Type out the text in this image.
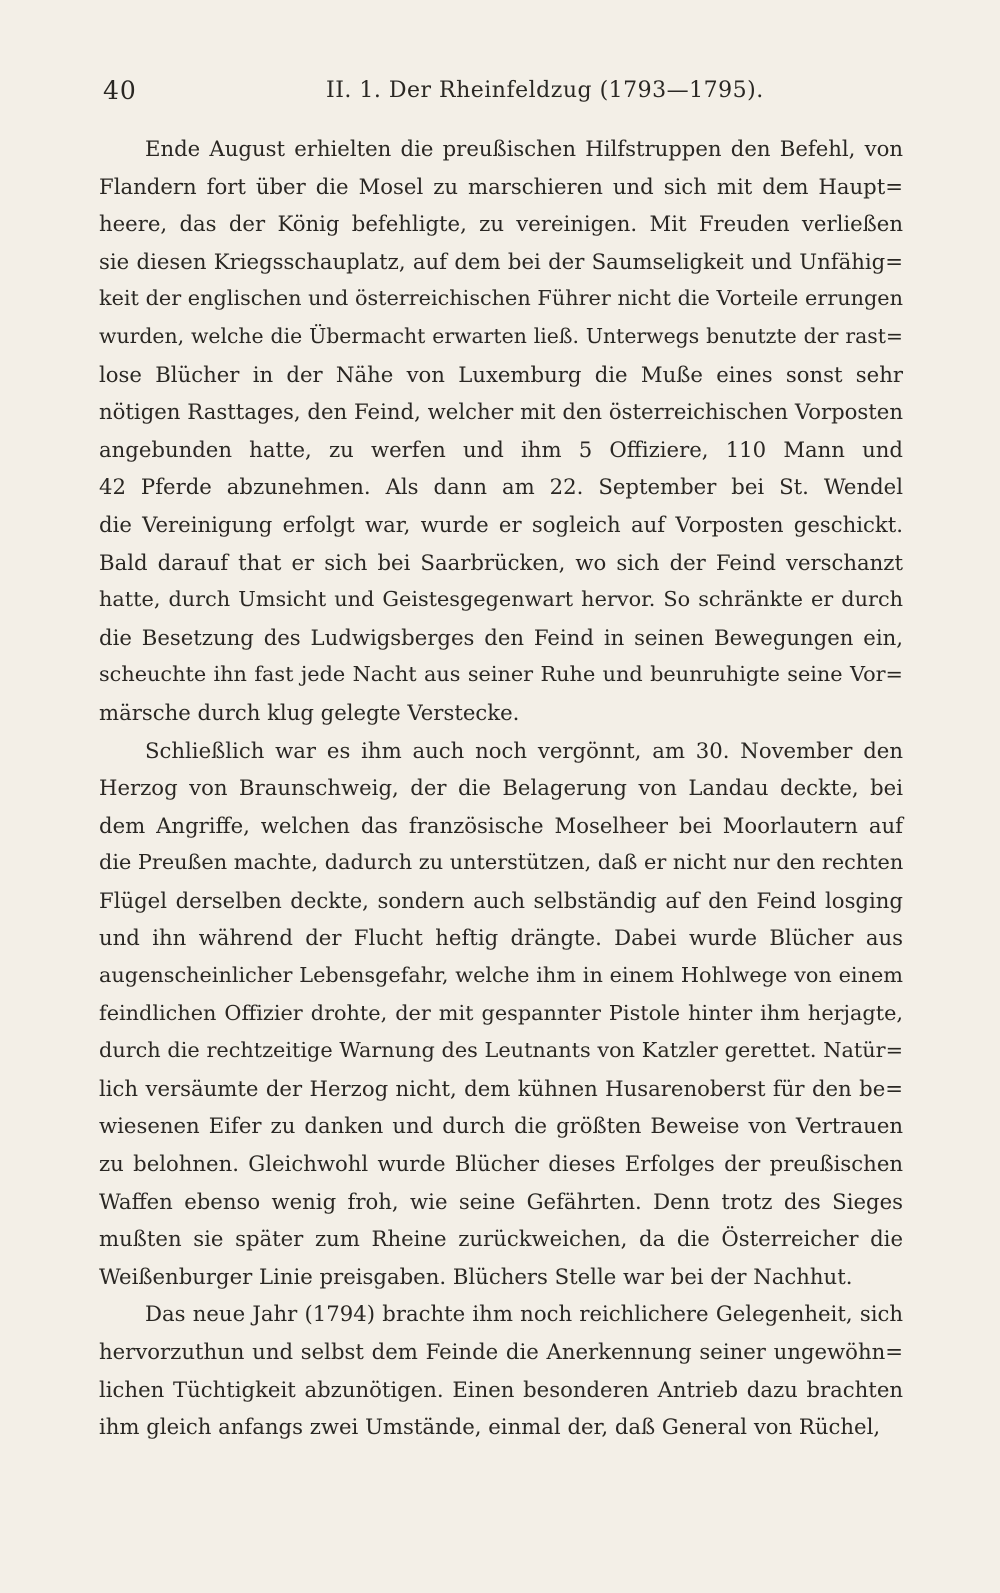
40	II. 1. Der Rheinfeldzug (1793—1795).
Ende August erhielten die preußischen Hilfstruppen den Befehl, von
Flandern fort über die Mosel zu marschieren und sich mit dem Haupt=
heere, das der König befehligte, zu vereinigen. Mit Freuden verließen
sie diesen Kriegsschauplatz, auf dem bei der Saumseligkeit und Unfähig=
keit der englischen und österreichischen Führer nicht die Vorteile errungen
wurden, welche die Übermacht erwarten ließ. Unterwegs benutzte der rast=
lose Blücher in der Nähe von Luxemburg die Muße eines sonst sehr
nötigen Rasttages, den Feind, welcher mit den österreichischen Vorposten
angebunden hatte, zu werfen und ihm 5 Offiziere, 110 Mann und
42 Pferde abzunehmen. Als dann am 22. September bei St. Wendel
die Vereinigung erfolgt war, wurde er sogleich auf Vorposten geschickt.
Bald darauf that er sich bei Saarbrücken, wo sich der Feind verschanzt
hatte, durch Umsicht und Geistesgegenwart hervor. So schränkte er durch
die Besetzung des Ludwigsberges den Feind in seinen Bewegungen ein,
scheuchte ihn fast jede Nacht aus seiner Ruhe und beunruhigte seine Vor=
märsche durch klug gelegte Verstecke.
Schließlich war es ihm auch noch vergönnt, am 30. November den
Herzog von Braunschweig, der die Belagerung von Landau deckte, bei
dem Angriffe, welchen das französische Moselheer bei Moorlautern auf
die Preußen machte, dadurch zu unterstützen, daß er nicht nur den rechten
Flügel derselben deckte, sondern auch selbständig auf den Feind losging
und ihn während der Flucht heftig drängte. Dabei wurde Blücher aus
augenscheinlicher Lebensgefahr, welche ihm in einem Hohlwege von einem
feindlichen Offizier drohte, der mit gespannter Pistole hinter ihm herjagte,
durch die rechtzeitige Warnung des Leutnants von Katzler gerettet. Natür=
lich versäumte der Herzog nicht, dem kühnen Husarenoberst für den be=
wiesenen Eifer zu danken und durch die größten Beweise von Vertrauen
zu belohnen. Gleichwohl wurde Blücher dieses Erfolges der preußischen
Waffen ebenso wenig froh, wie seine Gefährten. Denn trotz des Sieges
mußten sie später zum Rheine zurückweichen, da die Österreicher die
Weißenburger Linie preisgaben. Blüchers Stelle war bei der Nachhut.
Das neue Jahr (1794) brachte ihm noch reichlichere Gelegenheit, sich
hervorzuthun und selbst dem Feinde die Anerkennung seiner ungewöhn=
lichen Tüchtigkeit abzunötigen. Einen besonderen Antrieb dazu brachten
ihm gleich anfangs zwei Umstände, einmal der, daß General von Rüchel,
